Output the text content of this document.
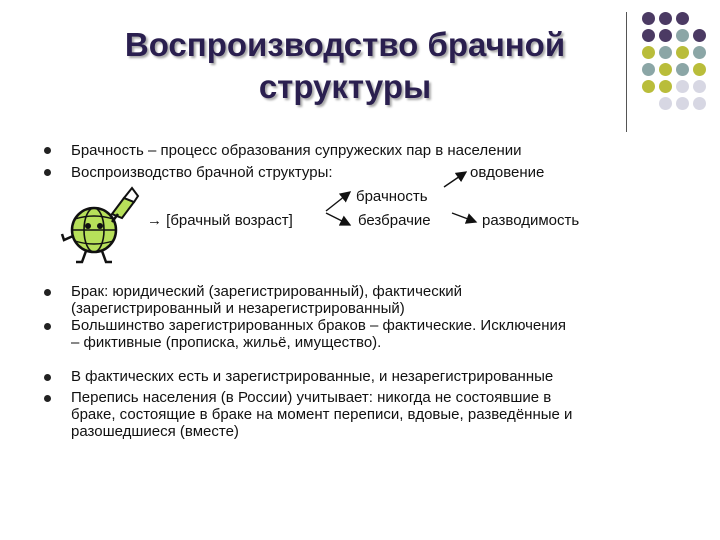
Воспроизводство брачной
структуры
Брачность – процесс образования супружеских пар в населении
Воспроизводство брачной структуры:	овдовение
брачность
→ [брачный возраст]	безбрачие	разводимость
Брак: юридический (зарегистрированный), фактический
(зарегистрированный и незарегистрированный)
Большинство зарегистрированных браков – фактические. Исключения
– фиктивные (прописка, жильё, имущество).
В фактических есть и зарегистрированные, и незарегистрированные
Перепись населения (в России) учитывает: никогда не состоявшие в
браке, состоящие в браке на момент переписи, вдовые, разведённые и
разошедшиеся (вместе)
